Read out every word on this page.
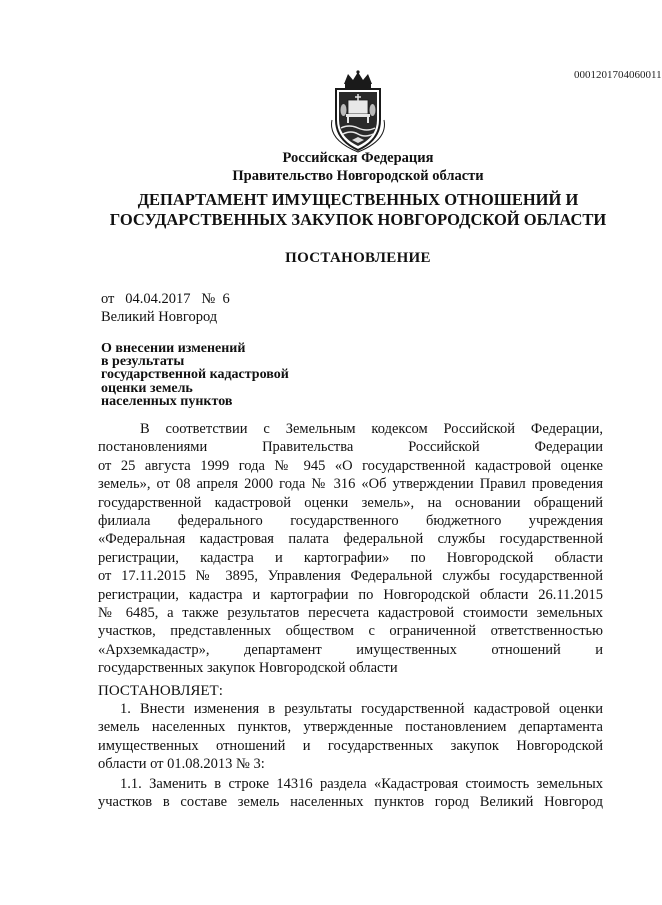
0001201704060011
Российская Федерация
Правительство Новгородской области
ДЕПАРТАМЕНТ ИМУЩЕСТВЕННЫХ ОТНОШЕНИЙ И
ГОСУДАРСТВЕННЫХ ЗАКУПОК НОВГОРОДСКОЙ ОБЛАСТИ
ПОСТАНОВЛЕНИЕ
от 04.04.2017 № 6
Великий Новгород
О внесении изменений
в результаты
государственной кадастровой
оценки земель
населенных пунктов
В соответствии с Земельным кодексом Российской Федерации,
постановлениями Правительства Российской Федерации
от 25 августа 1999 года № 945 «О государственной кадастровой оценке
земель», от 08 апреля 2000 года № 316 «Об утверждении Правил проведения
государственной кадастровой оценки земель», на основании обращений
филиала федерального государственного бюджетного учреждения
«Федеральная кадастровая палата федеральной службы государственной
регистрации, кадастра и картографии» по Новгородской области
от 17.11.2015 № 3895, Управления Федеральной службы государственной
регистрации, кадастра и картографии по Новгородской области 26.11.2015
№ 6485, а также результатов пересчета кадастровой стоимости земельных
участков, представленных обществом с ограниченной ответственностью
«Архземкадастр», департамент имущественных отношений и
государственных закупок Новгородской области
ПОСТАНОВЛЯЕТ:
1. Внести изменения в результаты государственной кадастровой оценки
земель населенных пунктов, утвержденные постановлением департамента
имущественных отношений и государственных закупок Новгородской
области от 01.08.2013 № 3:
1.1. Заменить в строке 14316 раздела «Кадастровая стоимость земельных
участков в составе земель населенных пунктов город Великий Новгород
